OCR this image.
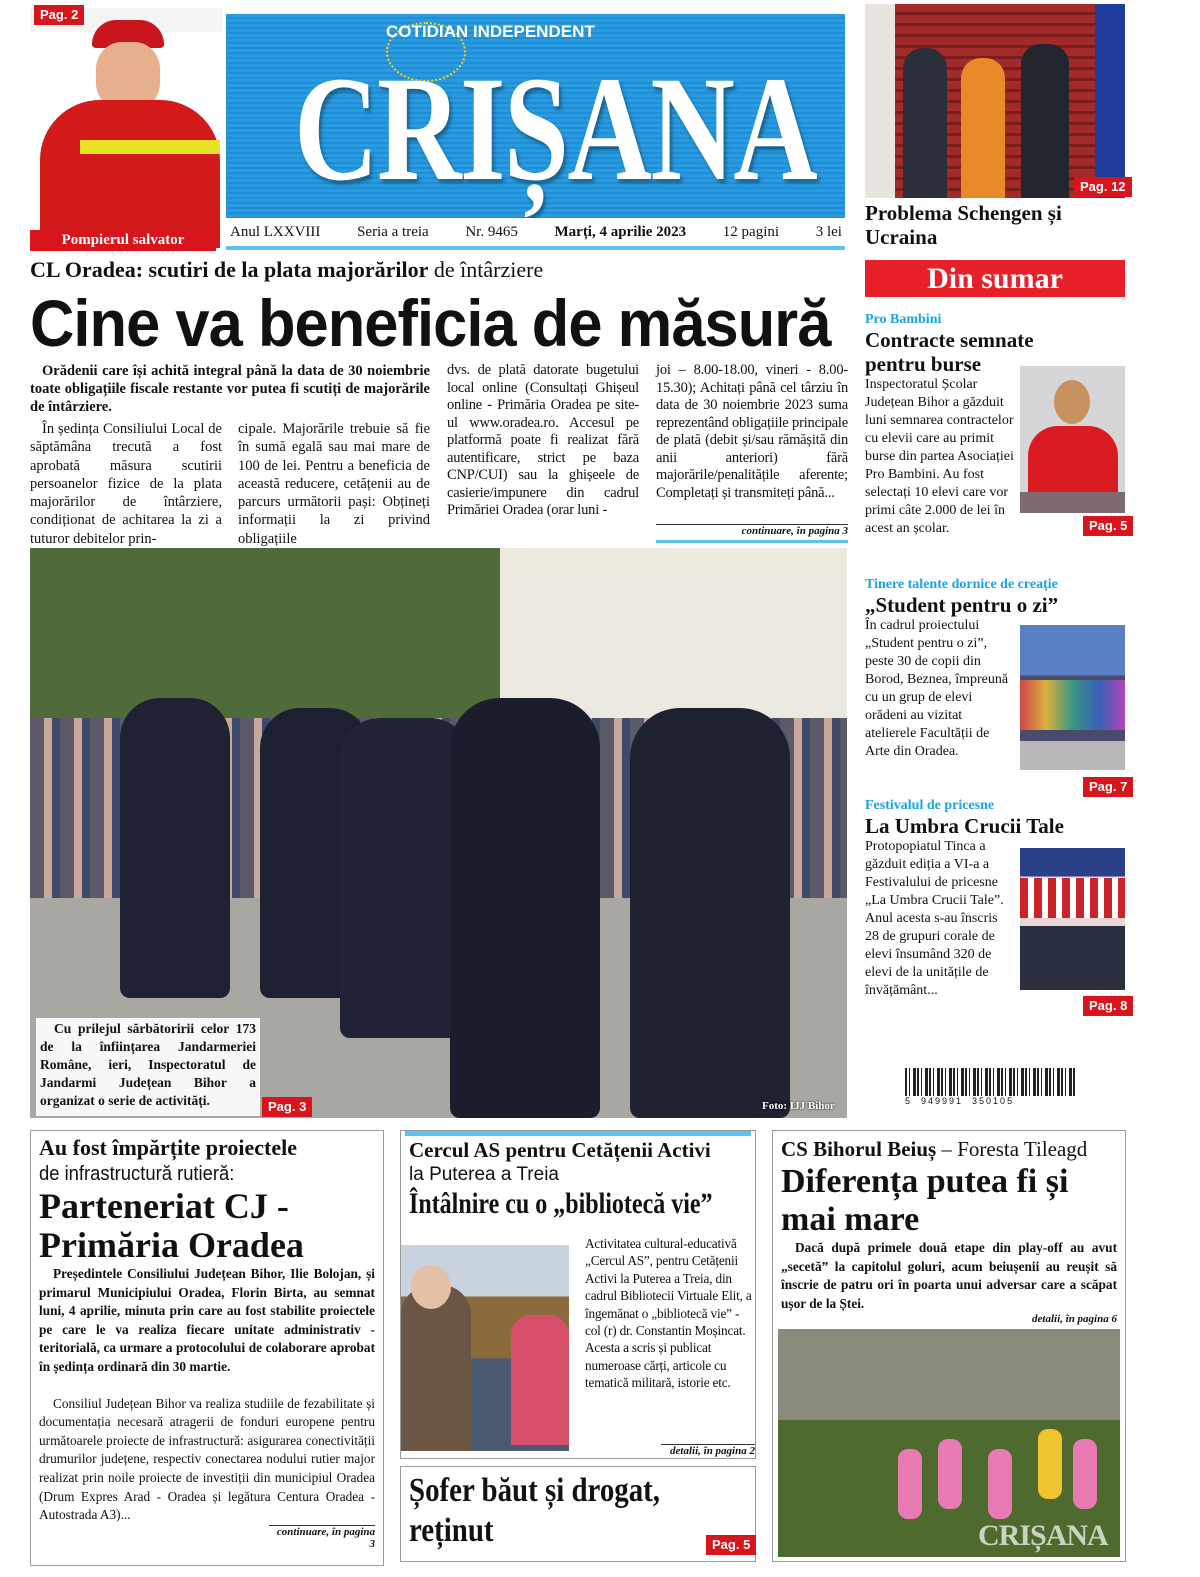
Pag. 2
Pompierul salvator
COTIDIAN INDEPENDENT
CRIȘANA
Anul LXXVIII Seria a treia Nr. 9465 Marți, 4 aprilie 2023 12 pagini 3 lei
Pag. 12
Problema Schengen și Ucraina
Din sumar
CL Oradea: scutiri de la plata majorărilor de întârziere
Cine va beneficia de măsură
Orădenii care își achită integral până la data de 30 noiembrie toate obligațiile fiscale restante vor putea fi scutiți de majorările de întârziere.
În ședința Consiliului Local de săptămâna trecută a fost aprobată măsura scutirii persoanelor fizice de la plata majorărilor de întârziere, condiționat de achitarea la zi a tuturor debitelor prin-
cipale. Majorările trebuie să fie în sumă egală sau mai mare de 100 de lei. Pentru a beneficia de această reducere, cetățenii au de parcurs următorii pași: Obțineți informații la zi privind obligațiile
dvs. de plată datorate bugetului local online (Consultați Ghișeul online - Primăria Oradea pe site-ul www.oradea.ro. Accesul pe platformă poate fi realizat fără autentificare, strict pe baza CNP/CUI) sau la ghișeele de casierie/impunere din cadrul Primăriei Oradea (orar luni -
joi – 8.00-18.00, vineri - 8.00-15.30); Achitați până cel târziu în data de 30 noiembrie 2023 suma reprezentând obligațiile principale de plată (debit și/sau rămășită din anii anteriori) fără majorările/penalitățile aferente; Completați și transmiteți până...
continuare, în pagina 3
Cu prilejul sărbătoririi celor 173 de la înființarea Jandarmeriei Române, ieri, Inspectoratul de Jandarmi Județean Bihor a organizat o serie de activități.	Pag. 3	Foto: IJJ Bihor
Pro Bambini
Contracte semnate pentru burse
Inspectoratul Școlar Județean Bihor a găzduit luni semnarea contractelor cu elevii care au primit burse din partea Asociației Pro Bambini. Au fost selectați 10 elevi care vor primi câte 2.000 de lei în acest an școlar.	Pag. 5
Tinere talente dornice de creație
„Student pentru o zi”
În cadrul proiectului „Student pentru o zi”, peste 30 de copii din Borod, Beznea, împreună cu un grup de elevi orădeni au vizitat atelierele Facultății de Arte din Oradea.
Pag. 7
Festivalul de pricesne
La Umbra Crucii Tale
Protopopiatul Tinca a găzduit ediția a VI-a a Festivalului de pricesne „La Umbra Crucii Tale”. Anul acesta s-au înscris 28 de grupuri corale de elevi însumând 320 de elevi de la unitățile de învățământ...
Pag. 8
5  949991  350105
Au fost împărțite proiectele
de infrastructură rutieră:
Parteneriat CJ - Primăria Oradea
Președintele Consiliului Județean Bihor, Ilie Bolojan, și primarul Municipiului Oradea, Florin Birta, au semnat luni, 4 aprilie, minuta prin care au fost stabilite proiectele pe care le va realiza fiecare unitate administrativ - teritorială, ca urmare a protocolului de colaborare aprobat în ședința ordinară din 30 martie.
Consiliul Județean Bihor va realiza studiile de fezabilitate și documentația necesară atragerii de fonduri europene pentru următoarele proiecte de infrastructură: asigurarea conectivității drumurilor județene, respectiv conectarea nodului rutier major realizat prin noile proiecte de investiții din municipiul Oradea (Drum Expres Arad - Oradea și legătura Centura Oradea - Autostrada A3)...
continuare, în pagina 3
Cercul AS pentru Cetățenii Activi
la Puterea a Treia
Întâlnire cu o „bibliotecă vie”
Activitatea cultural-educativă „Cercul AS”, pentru Cetățenii Activi la Puterea a Treia, din cadrul Bibliotecii Virtuale Elit, a îngemănat o „bibliotecă vie” - col (r) dr. Constantin Moșincat. Acesta a scris și publicat numeroase cărți, articole cu tematică militară, istorie etc.
detalii, în pagina 2
Șofer băut și drogat, reținut	Pag. 5
CS Bihorul Beiuș – Foresta Tileagd
Diferența putea fi și mai mare
Dacă după primele două etape din play-off au avut „secetă” la capitolul goluri, acum beiușenii au reușit să înscrie de patru ori în poarta unui adversar care a scăpat ușor de la Ștei.
detalii, în pagina 6
CRIȘANA
